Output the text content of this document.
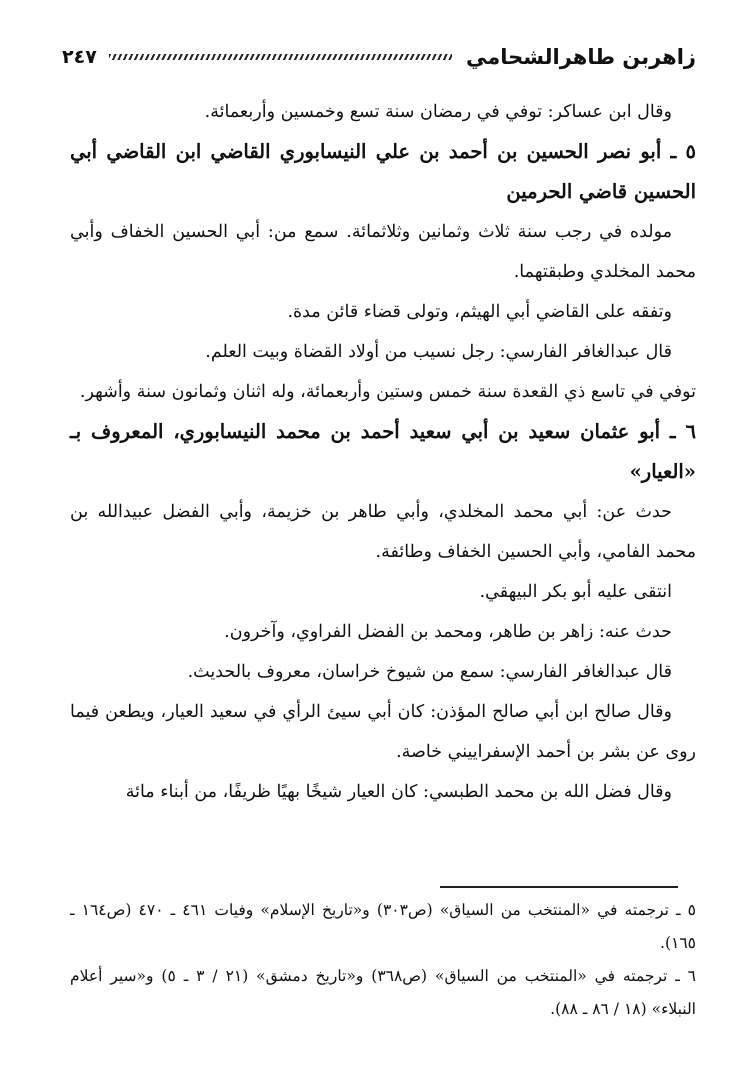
زاهربن طاهرالشحامي
٢٤٧

وقال ابن عساكر: توفي في رمضان سنة تسع وخمسين وأربعمائة.

٥ ـ أبو نصر الحسين بن أحمد بن علي النيسابوري القاضي ابن القاضي أبي الحسين قاضي الحرمين

مولده في رجب سنة ثلاث وثمانين وثلاثمائة. سمع من: أبي الحسين الخفاف وأبي محمد المخلدي وطبقتهما.

وتفقه على القاضي أبي الهيثم، وتولى قضاء قائن مدة.

قال عبدالغافر الفارسي: رجل نسيب من أولاد القضاة وبيت العلم.

توفي في تاسع ذي القعدة سنة خمس وستين وأربعمائة، وله اثنان وثمانون سنة وأشهر.

٦ ـ أبو عثمان سعيد بن أبي سعيد أحمد بن محمد النيسابوري، المعروف بـ «العيار»

حدث عن: أبي محمد المخلدي، وأبي طاهر بن خزيمة، وأبي الفضل عبيدالله بن محمد الفامي، وأبي الحسين الخفاف وطائفة.

انتقى عليه أبو بكر البيهقي.

حدث عنه: زاهر بن طاهر، ومحمد بن الفضل الفراوي، وآخرون.

قال عبدالغافر الفارسي: سمع من شيوخ خراسان، معروف بالحديث.

وقال صالح ابن أبي صالح المؤذن: كان أبي سيئ الرأي في سعيد العيار، ويطعن فيما روى عن بشر بن أحمد الإسفراييني خاصة.

وقال فضل الله بن محمد الطبسي: كان العيار شيخًا بهيًا ظريفًا، من أبناء مائة

٥ ـ ترجمته في «المنتخب من السياق» (ص٣٠٣) و«تاريخ الإسلام» وفيات ٤٦١ ـ ٤٧٠ (ص١٦٤ ـ ١٦٥).

٦ ـ ترجمته في «المنتخب من السياق» (ص٣٦٨) و«تاريخ دمشق» (٢١ / ٣ ـ ٥) و«سير أعلام النبلاء» (١٨ / ٨٦ ـ ٨٨).
